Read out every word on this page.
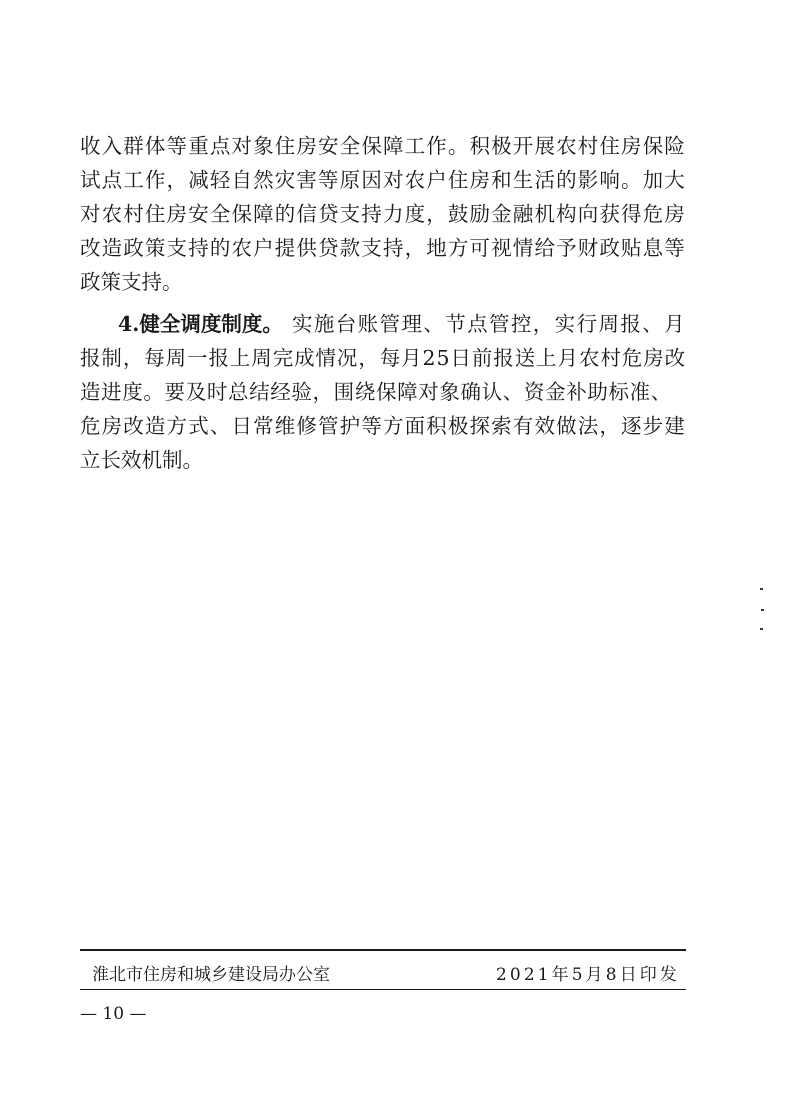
收入群体等重点对象住房安全保障工作。积极开展农村住房保险
试点工作，减轻自然灾害等原因对农户住房和生活的影响。加大
对农村住房安全保障的信贷支持力度，鼓励金融机构向获得危房
改造政策支持的农户提供贷款支持，地方可视情给予财政贴息等
政策支持。
4.健全调度制度。 实施台账管理、节点管控，实行周报、月
报制，每周一报上周完成情况，每月25日前报送上月农村危房改
造进度。要及时总结经验，围绕保障对象确认、资金补助标准、
危房改造方式、日常维修管护等方面积极探索有效做法，逐步建
立长效机制。
淮北市住房和城乡建设局办公室	2021年5月8日印发
— 10 —
